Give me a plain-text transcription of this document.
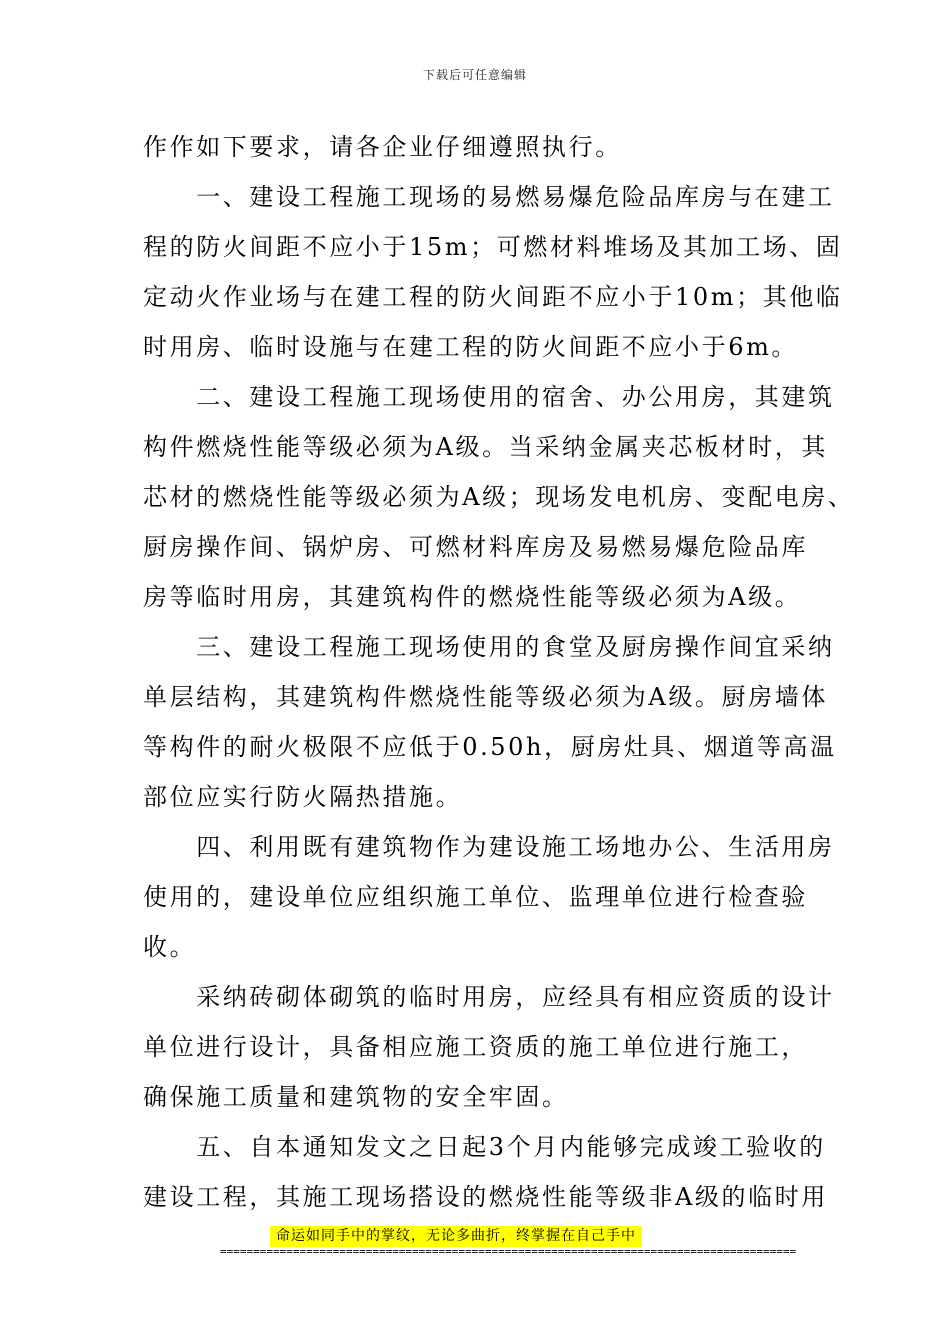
下载后可任意编辑

作作如下要求，请各企业仔细遵照执行。

　　一、建设工程施工现场的易燃易爆危险品库房与在建工

程的防火间距不应小于15m；可燃材料堆场及其加工场、固

定动火作业场与在建工程的防火间距不应小于10m；其他临

时用房、临时设施与在建工程的防火间距不应小于6m。

　　二、建设工程施工现场使用的宿舍、办公用房，其建筑

构件燃烧性能等级必须为A级。当采纳金属夹芯板材时，其

芯材的燃烧性能等级必须为A级；现场发电机房、变配电房、

厨房操作间、锅炉房、可燃材料库房及易燃易爆危险品库

房等临时用房，其建筑构件的燃烧性能等级必须为A级。

　　三、建设工程施工现场使用的食堂及厨房操作间宜采纳

单层结构，其建筑构件燃烧性能等级必须为A级。厨房墙体

等构件的耐火极限不应低于0.50h，厨房灶具、烟道等高温

部位应实行防火隔热措施。

　　四、利用既有建筑物作为建设施工场地办公、生活用房

使用的，建设单位应组织施工单位、监理单位进行检查验

收。

　　采纳砖砌体砌筑的临时用房，应经具有相应资质的设计

单位进行设计，具备相应施工资质的施工单位进行施工，

确保施工质量和建筑物的安全牢固。

　　五、自本通知发文之日起3个月内能够完成竣工验收的

建设工程，其施工现场搭设的燃烧性能等级非A级的临时用

命运如同手中的掌纹，无论多曲折，终掌握在自己手中
=======================================================================================
